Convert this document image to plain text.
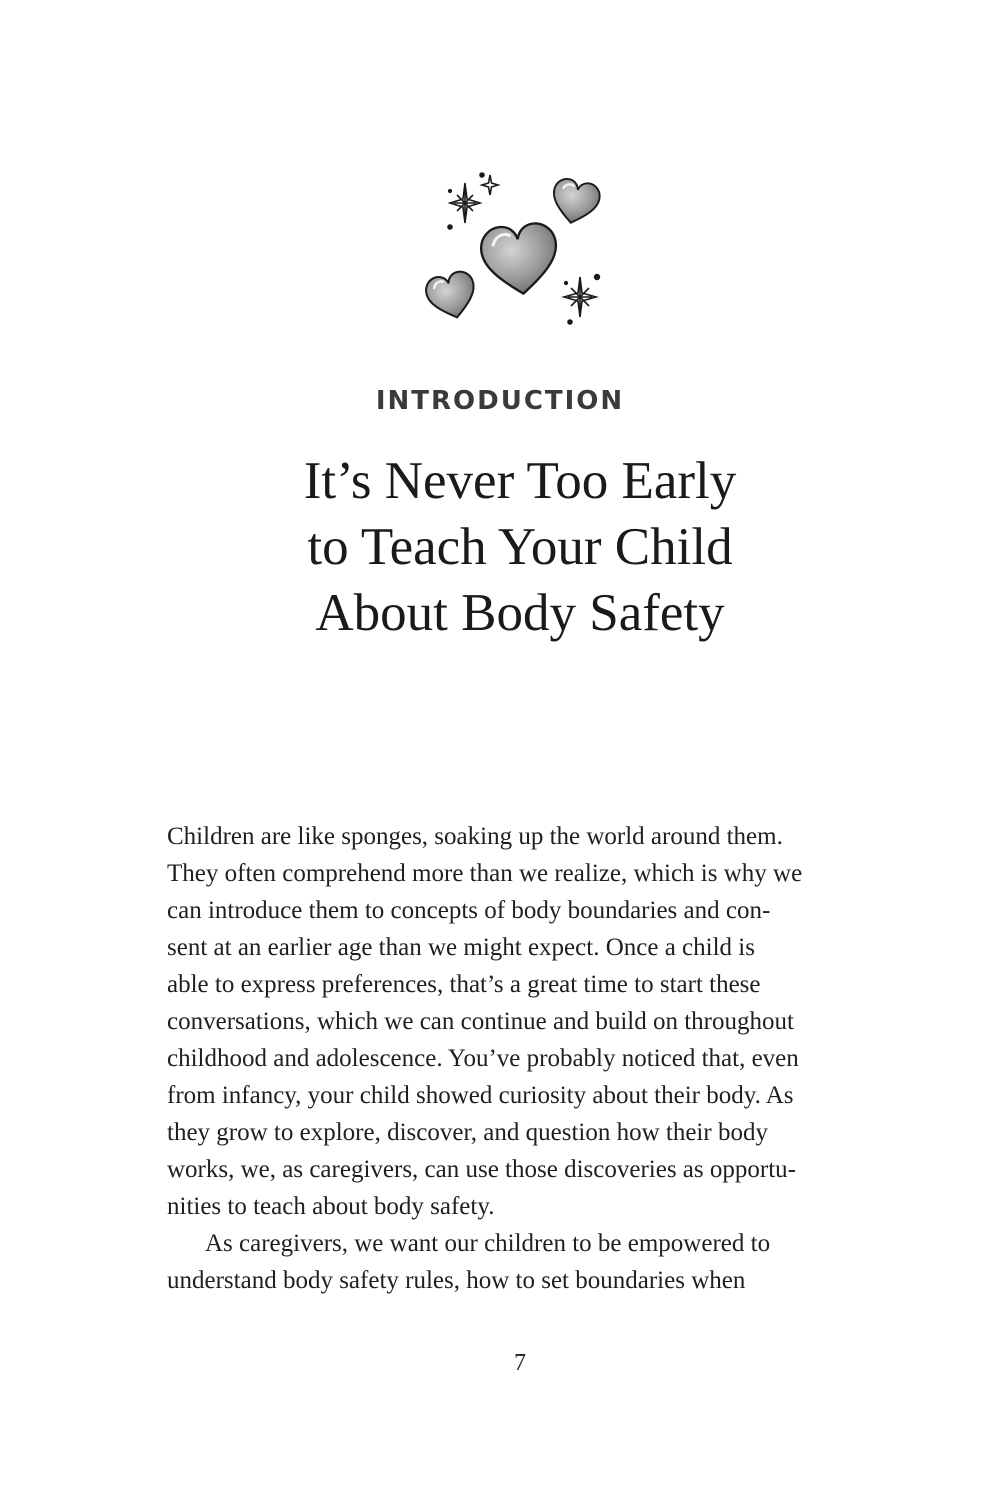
INTRODUCTION
It’s Never Too Early
to Teach Your Child
About Body Safety
Children are like sponges, soaking up the world around them.
They often comprehend more than we realize, which is why we
can introduce them to concepts of body boundaries and con-
sent at an earlier age than we might expect. Once a child is
able to express preferences, that’s a great time to start these
conversations, which we can continue and build on throughout
childhood and adolescence. You’ve probably noticed that, even
from infancy, your child showed curiosity about their body. As
they grow to explore, discover, and question how their body
works, we, as caregivers, can use those discoveries as opportu-
nities to teach about body safety.
As caregivers, we want our children to be empowered to
understand body safety rules, how to set boundaries when
7
